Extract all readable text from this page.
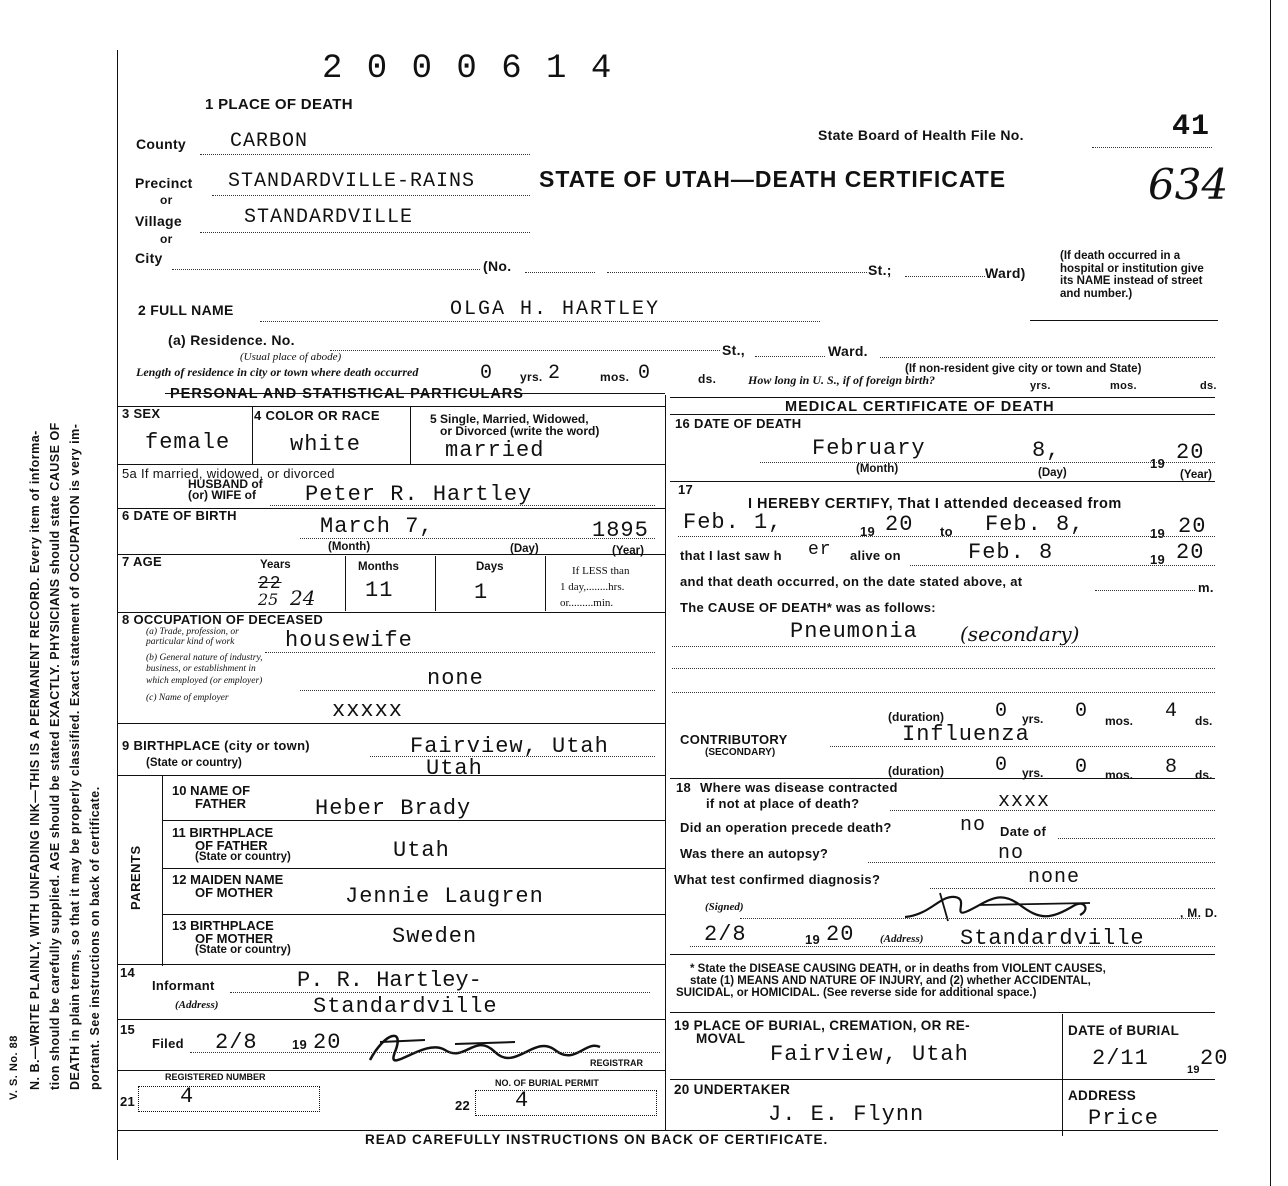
N. B.—WRITE PLAINLY, WITH UNFADING INK—THIS IS A PERMANENT RECORD. Every item of informa- tion should be carefully supplied. AGE should be stated EXACTLY. PHYSICIANS should state CAUSE OF DEATH in plain terms, so that it may be properly classified. Exact statement of OCCUPATION is very im- portant. See instructions on back of certificate.
V. S. No. 88
2 0 0 0 6 1 4
1 PLACE OF DEATH
State Board of Health File No.	41
634
STATE OF UTAH—DEATH CERTIFICATE
County CARBON
Precinct STANDARDVILLE-RAINS
or
Village	STANDARDVILLE
or
City	(No.	St.;	Ward)
(If death occurred in a hospital or institution give its NAME instead of street and number.)
2 FULL NAME	OLGA H. HARTLEY
(a) Residence. No.
(Usual place of abode)	St.,	Ward.
(If non-resident give city or town and State)
Length of residence in city or town where death occurred	0 yrs. 2	mos. 0	ds.	How long in U. S., if of foreign birth?	yrs.	mos.	ds.
PERSONAL AND STATISTICAL PARTICULARS
MEDICAL CERTIFICATE OF DEATH
3 SEX
female
4 COLOR OR RACE
white
5 Single, Married, Widowed,
or Divorced (write the word)
married
5a If married, widowed, or divorced
HUSBAND of
(or) WIFE of Peter R. Hartley
6 DATE OF BIRTH	March 7,	1895
(Month)	(Day)	(Year)
7 AGE	Years
22
25 24
Months
11
Days
1
If LESS than
1 day,........hrs.
or.........min.
8 OCCUPATION OF DECEASED
(a) Trade, profession, or
particular kind of work housewife
(b) General nature of industry,
business, or establishment in
which employed (or employer)	none
(c) Name of employer	xxxxx
9 BIRTHPLACE (city or town)
(State or country)
Fairview, Utah
Utah
PARENTS
10 NAME OF
FATHER	Heber Brady
11 BIRTHPLACE
OF FATHER
(State or country)	Utah
12 MAIDEN NAME
OF MOTHER	Jennie Laugren
13 BIRTHPLACE
OF MOTHER
(State or country)
Sweden
14
Informant	P. R. Hartley-
(Address)	Standardville
15
Filed 2/8	19 20
REGISTRAR
REGISTERED NUMBER
21 4
NO. OF BURIAL PERMIT
22 4
16 DATE OF DEATH
February	8,
19 20
(Month)	(Day)	(Year)
17
I HEREBY CERTIFY, That I attended deceased from
Feb. 1,	19 20 to Feb. 8,	19 20
that I last saw h er alive on	Feb. 8	19 20
and that death occurred, on the date stated above, at	m.
The CAUSE OF DEATH* was as follows:
Pneumonia (secondary)
(duration)	0 yrs. 0 mos. 4 ds.
CONTRIBUTORY
(SECONDARY)
Influenza
(duration)	0 yrs. 0 mos. 8 ds.
18 Where was disease contracted
if not at place of death?	xxxx
Did an operation precede death?	no Date of
Was there an autopsy?	no
What test confirmed diagnosis?	none
(Signed)	, M. D.
2/8	19 20 (Address) Standardville
* State the DISEASE CAUSING DEATH, or in deaths from VIOLENT CAUSES,
state (1) MEANS AND NATURE OF INJURY, and (2) whether ACCIDENTAL,
SUICIDAL, or HOMICIDAL. (See reverse side for additional space.)
19 PLACE OF BURIAL, CREMATION, OR RE-
MOVAL
Fairview, Utah
DATE of BURIAL
2/11	19 20
20 UNDERTAKER
J. E. Flynn
ADDRESS
Price
READ CAREFULLY INSTRUCTIONS ON BACK OF CERTIFICATE.
